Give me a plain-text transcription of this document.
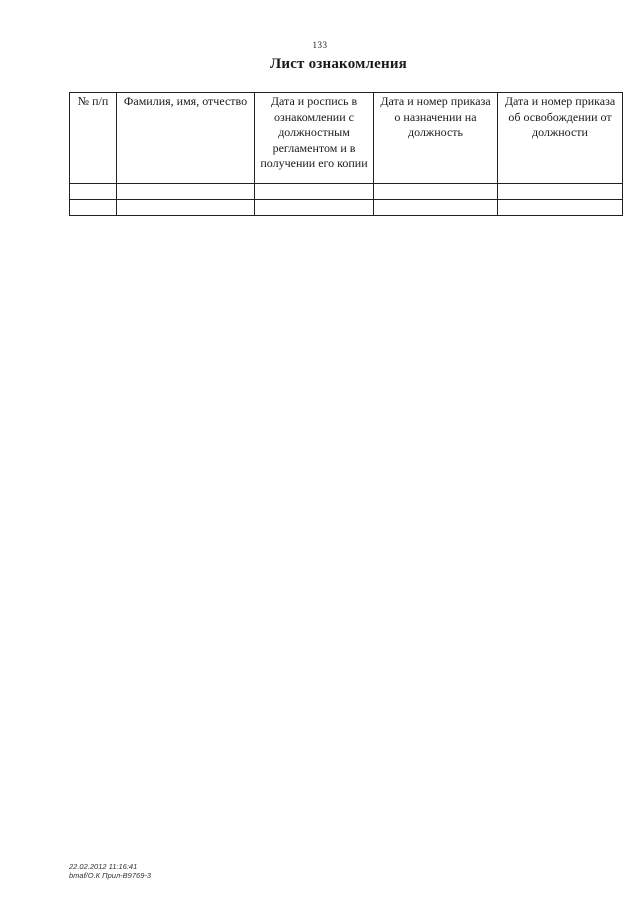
133
Лист ознакомления
№ п/п	Фамилия, имя, отчество	Дата и роспись в ознакомлении с должностным регламентом и в получении его копии	Дата и номер приказа о назначении на должность	Дата и номер приказа об освобождении от должности

22.02.2012 11:16:41
bmaf/О.К Прил-B9769-3
